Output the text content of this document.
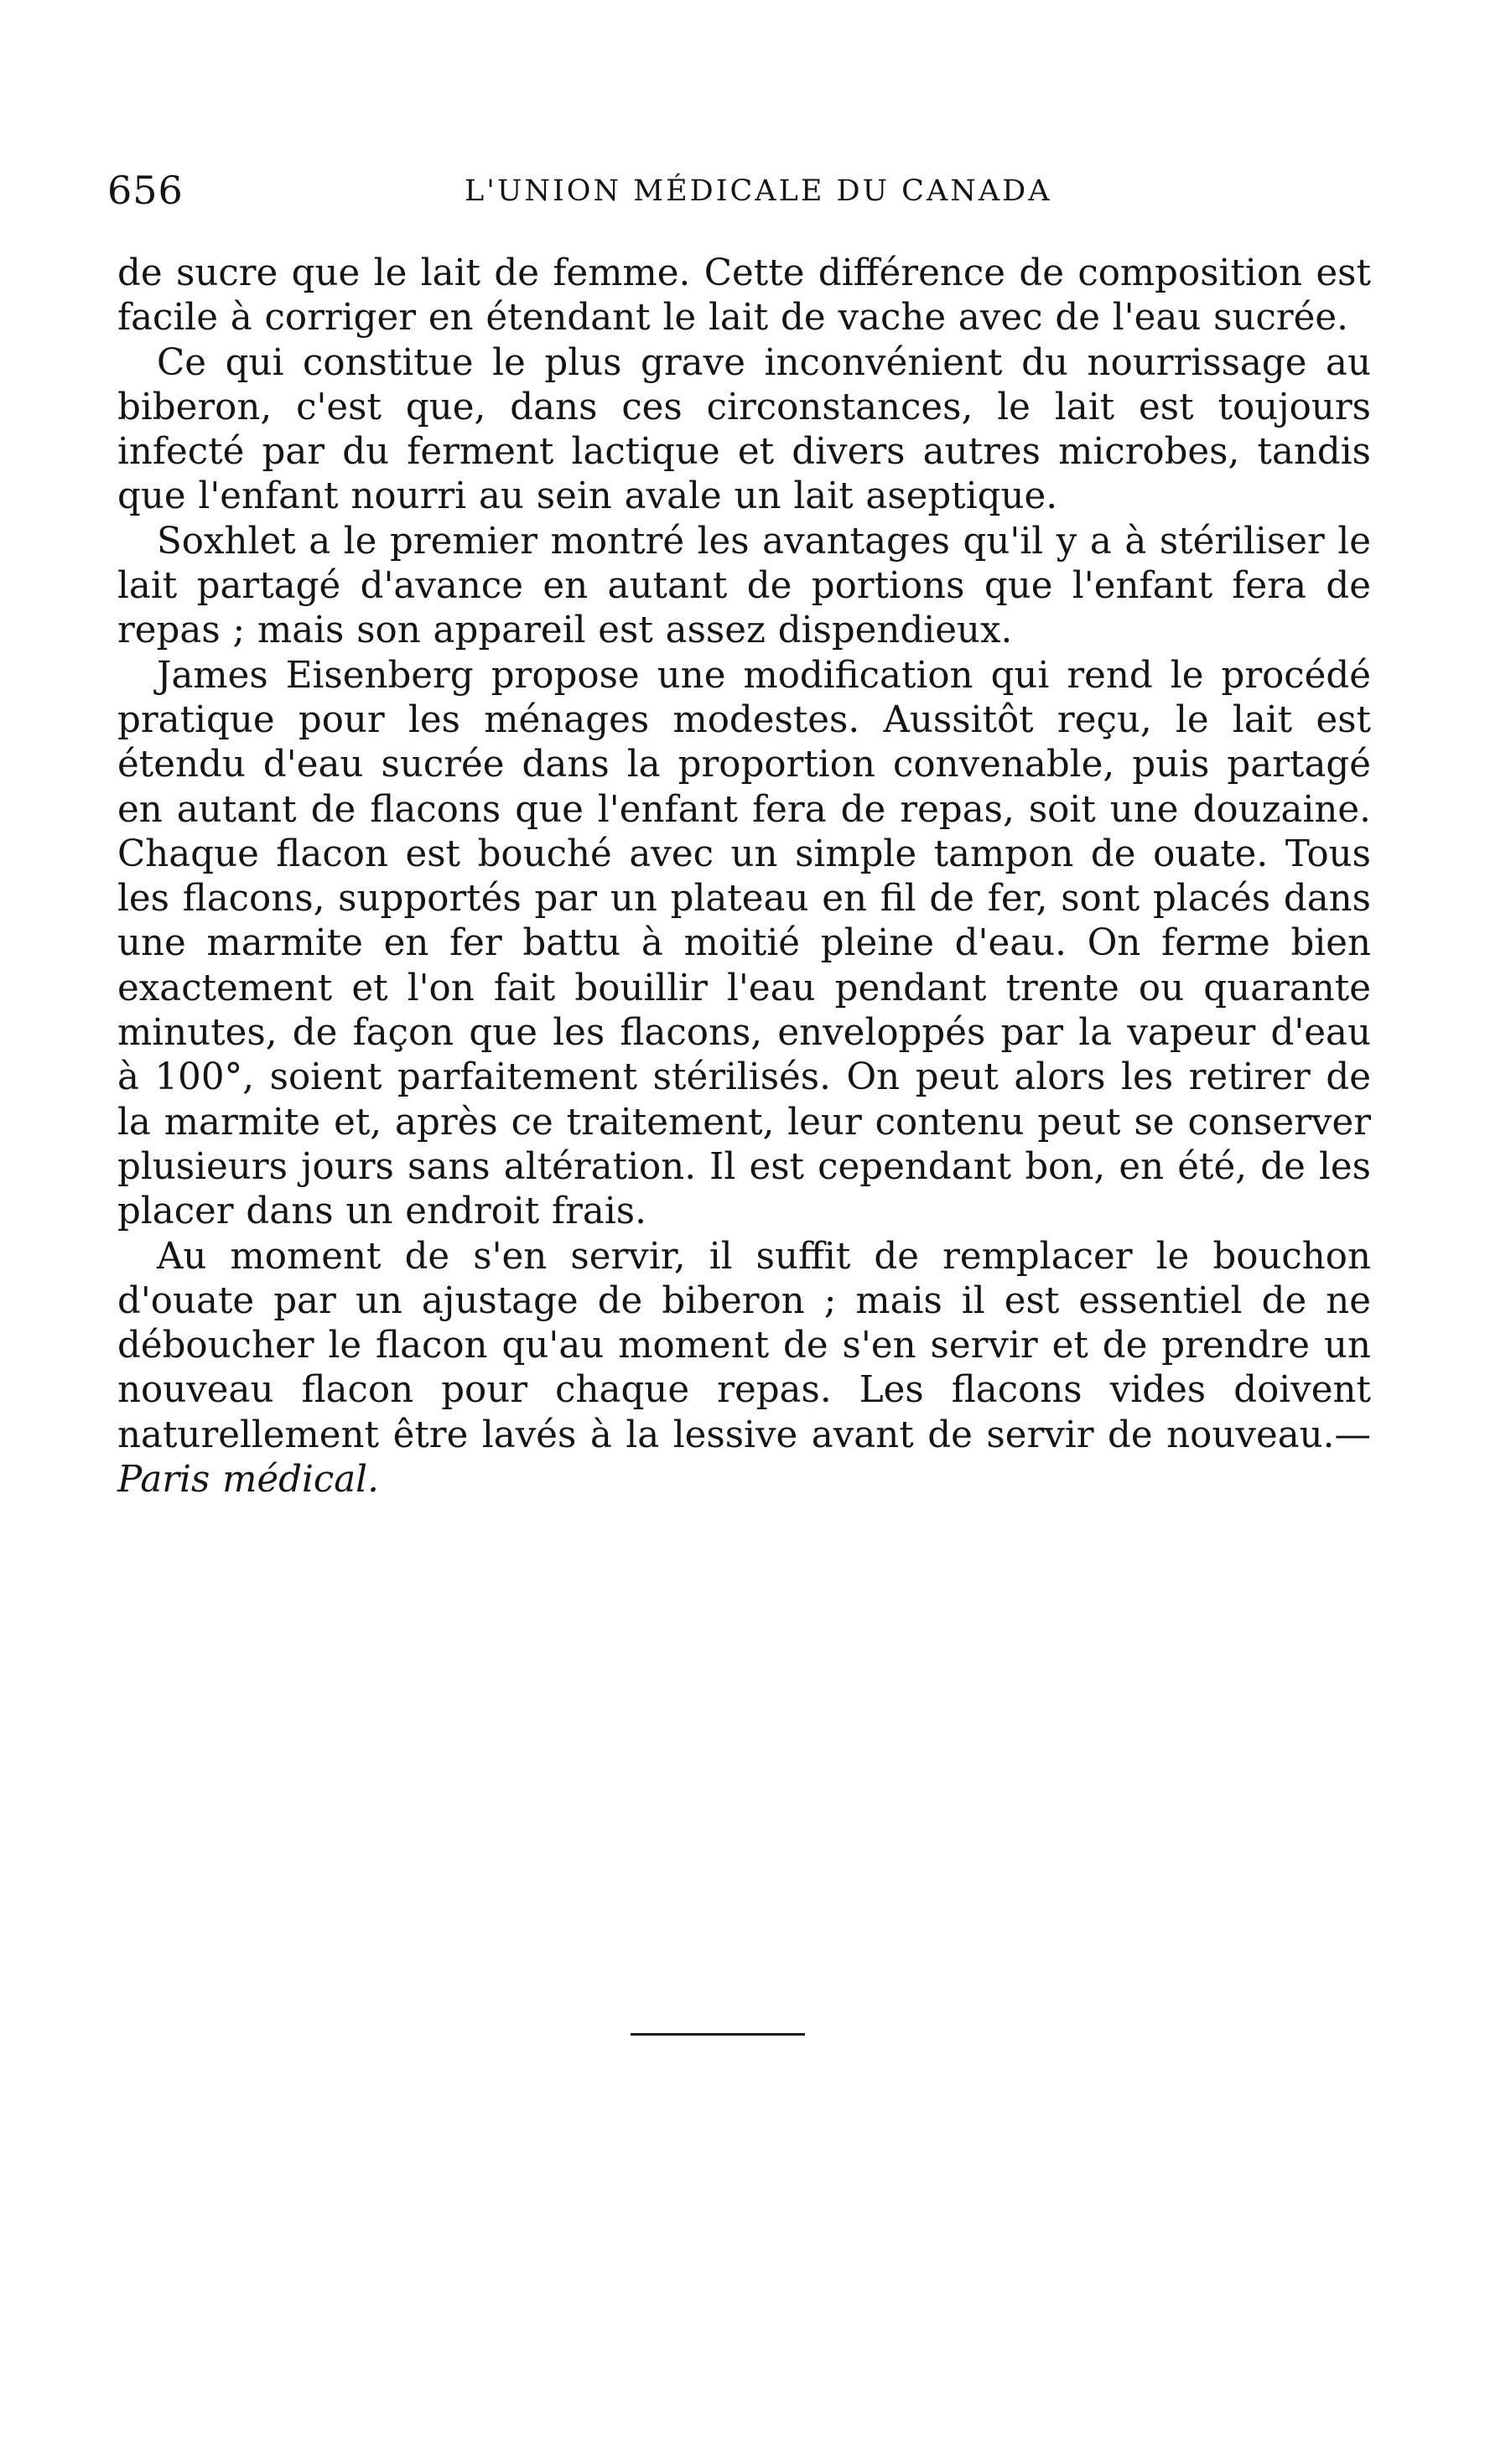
656	L'UNION MÉDICALE DU CANADA

de sucre que le lait de femme. Cette différence de composition est facile à corriger en étendant le lait de vache avec de l'eau sucrée.

Ce qui constitue le plus grave inconvénient du nourrissage au biberon, c'est que, dans ces circonstances, le lait est toujours infecté par du ferment lactique et divers autres microbes, tandis que l'enfant nourri au sein avale un lait aseptique.

Soxhlet a le premier montré les avantages qu'il y a à stériliser le lait partagé d'avance en autant de portions que l'enfant fera de repas ; mais son appareil est assez dispendieux.

James Eisenberg propose une modification qui rend le procédé pratique pour les ménages modestes. Aussitôt reçu, le lait est étendu d'eau sucrée dans la proportion convenable, puis partagé en autant de flacons que l'enfant fera de repas, soit une douzaine. Chaque flacon est bouché avec un simple tampon de ouate. Tous les flacons, supportés par un plateau en fil de fer, sont placés dans une marmite en fer battu à moitié pleine d'eau. On ferme bien exactement et l'on fait bouillir l'eau pendant trente ou quarante minutes, de façon que les flacons, enveloppés par la vapeur d'eau à 100°, soient parfaitement stérilisés. On peut alors les retirer de la marmite et, après ce traitement, leur contenu peut se conserver plusieurs jours sans altération. Il est cependant bon, en été, de les placer dans un endroit frais.

Au moment de s'en servir, il suffit de remplacer le bouchon d'ouate par un ajustage de biberon ; mais il est essentiel de ne déboucher le flacon qu'au moment de s'en servir et de prendre un nouveau flacon pour chaque repas. Les flacons vides doivent naturellement être lavés à la lessive avant de servir de nouveau.—Paris médical.
